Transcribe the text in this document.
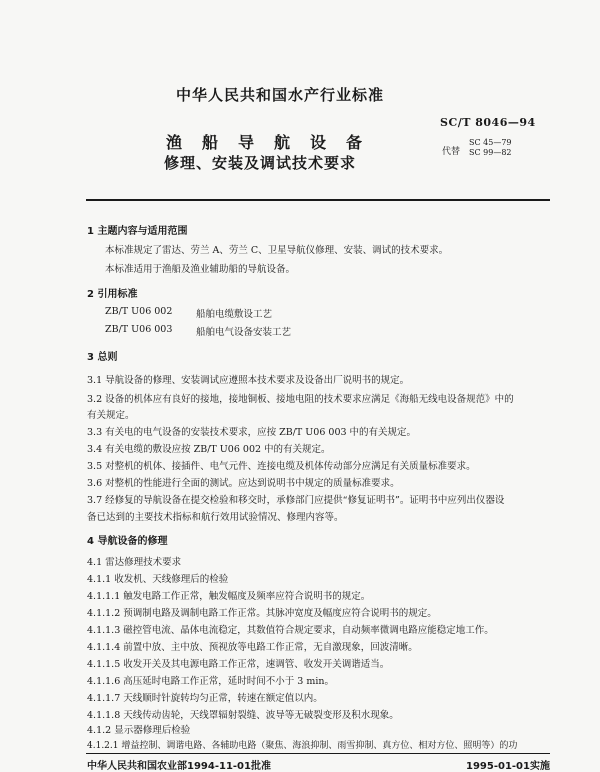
中华人民共和国水产行业标准
SC/T 8046—94
渔船导航设备
修理、安装及调试技术要求
代替
SC 45—79
SC 99—82
1 主题内容与适用范围
本标准规定了雷达、劳兰 A、劳兰 C、卫星导航仪修理、安装、调试的技术要求。
本标准适用于渔船及渔业辅助船的导航设备。
2 引用标准
ZB/T U06 002 船舶电缆敷设工艺
ZB/T U06 003 船舶电气设备安装工艺
3 总则
3.1 导航设备的修理、安装调试应遵照本技术要求及设备出厂说明书的规定。
3.2 设备的机体应有良好的接地，接地铜板、接地电阻的技术要求应满足《海船无线电设备规范》中的
有关规定。
3.3 有关电的电气设备的安装技术要求，应按 ZB/T U06 003 中的有关规定。
3.4 有关电缆的敷设应按 ZB/T U06 002 中的有关规定。
3.5 对整机的机体、接插件、电气元件、连接电缆及机体传动部分应满足有关质量标准要求。
3.6 对整机的性能进行全面的测试。应达到说明书中规定的质量标准要求。
3.7 经修复的导航设备在提交检验和移交时，承修部门应提供“修复证明书”。证明书中应列出仪器设
备已达到的主要技术指标和航行效用试验情况、修理内容等。
4 导航设备的修理
4.1 雷达修理技术要求
4.1.1 收发机、天线修理后的检验
4.1.1.1 触发电路工作正常，触发幅度及频率应符合说明书的规定。
4.1.1.2 预调制电路及调制电路工作正常。其脉冲宽度及幅度应符合说明书的规定。
4.1.1.3 磁控管电流、晶体电流稳定，其数值符合规定要求，自动频率微调电路应能稳定地工作。
4.1.1.4 前置中放、主中放、预视放等电路工作正常，无自激现象，回波清晰。
4.1.1.5 收发开关及其电源电路工作正常，速调管、收发开关调谐适当。
4.1.1.6 高压延时电路工作正常，延时时间不小于 3 min。
4.1.1.7 天线顺时针旋转均匀正常，转速在额定值以内。
4.1.1.8 天线传动齿轮，天线罩辐射裂缝、波导等无破裂变形及积水现象。
4.1.2 显示器修理后检验
4.1.2.1 增益控制、调谐电路、各辅助电路（聚焦、海浪抑制、雨雪抑制、真方位、相对方位、照明等）的功
中华人民共和国农业部1994-11-01批准	1995-01-01实施
